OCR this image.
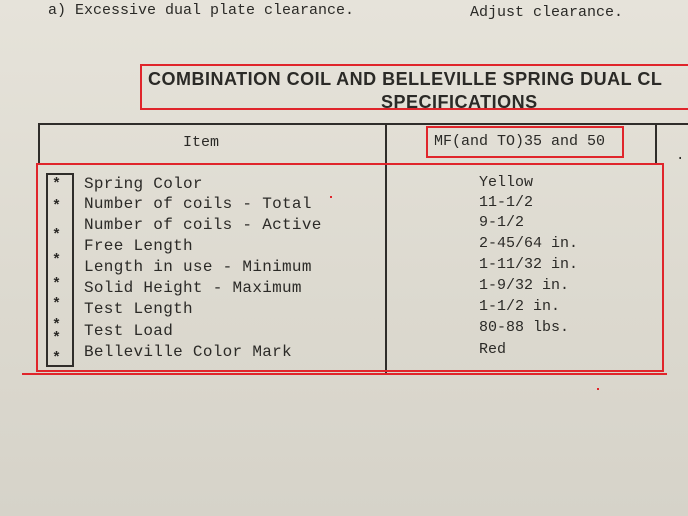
a) Excessive dual plate clearance.	Adjust clearance.
COMBINATION COIL AND BELLEVILLE SPRING DUAL CL
SPECIFICATIONS
Item	MF(and TO)35 and 50
.
* Spring Color	Yellow
* Number of coils - Total	11-1/2
*
Number of coils - Active	9-1/2
*
Free Length	2-45/64 in.
*
Length in use - Minimum	1-11/32 in.
*
Solid Height - Maximum	1-9/32 in.
*
Test Length	1-1/2 in.
* Test Load	80-88 lbs.
* Belleville Color Mark	Red
